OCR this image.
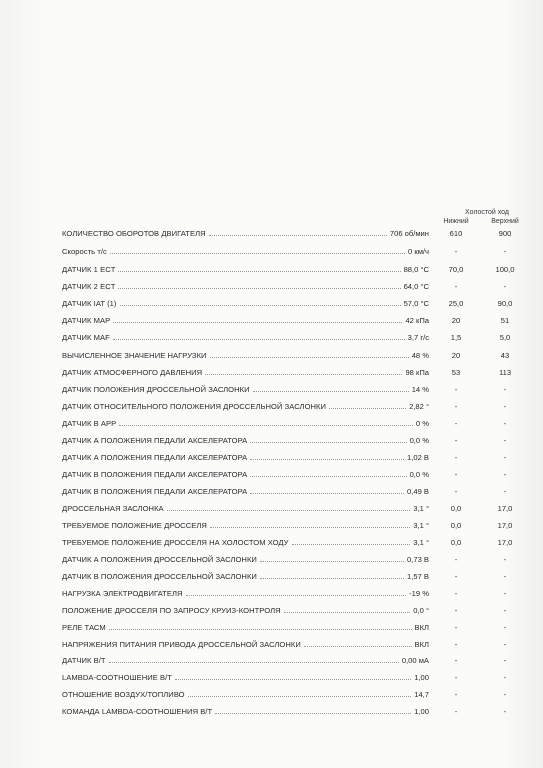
Холостой ход
Нижний	Верхний
КОЛИЧЕСТВО ОБОРОТОВ ДВИГАТЕЛЯ	706 об/мин	610	900
Скорость т/с	0 км/ч	-	-
ДАТЧИК 1 ECT	88,0 °C	70,0	100,0
ДАТЧИК 2 ECT	64,0 °C	-	-
ДАТЧИК IAT (1)	57,0 °C	25,0	90,0
ДАТЧИК МАР	42 кПа	20	51
ДАТЧИК MAF	3,7 г/с	1,5	5,0
ВЫЧИСЛЕННОЕ ЗНАЧЕНИЕ НАГРУЗКИ	48 %	20	43
ДАТЧИК АТМОСФЕРНОГО ДАВЛЕНИЯ	98 кПа	53	113
ДАТЧИК ПОЛОЖЕНИЯ ДРОССЕЛЬНОЙ ЗАСЛОНКИ	14 %	-	-
ДАТЧИК ОТНОСИТЕЛЬНОГО ПОЛОЖЕНИЯ ДРОССЕЛЬНОЙ ЗАСЛОНКИ	2,82 °	-	-
ДАТЧИК В АРР	0 %	-	-
ДАТЧИК А ПОЛОЖЕНИЯ ПЕДАЛИ АКСЕЛЕРАТОРА	0,0 %	-	-
ДАТЧИК А ПОЛОЖЕНИЯ ПЕДАЛИ АКСЕЛЕРАТОРА	1,02 В	-	-
ДАТЧИК В ПОЛОЖЕНИЯ ПЕДАЛИ АКСЕЛЕРАТОРА	0,0 %	-	-
ДАТЧИК В ПОЛОЖЕНИЯ ПЕДАЛИ АКСЕЛЕРАТОРА	0,49 В	-	-
ДРОССЕЛЬНАЯ ЗАСЛОНКА	3,1 °	0,0	17,0
ТРЕБУЕМОЕ ПОЛОЖЕНИЕ ДРОССЕЛЯ	3,1 °	0,0	17,0
ТРЕБУЕМОЕ ПОЛОЖЕНИЕ ДРОССЕЛЯ НА ХОЛОСТОМ ХОДУ	3,1 °	0,0	17,0
ДАТЧИК А ПОЛОЖЕНИЯ ДРОССЕЛЬНОЙ ЗАСЛОНКИ	0,73 В	-	-
ДАТЧИК В ПОЛОЖЕНИЯ ДРОССЕЛЬНОЙ ЗАСЛОНКИ	1,57 В	-	-
НАГРУЗКА ЭЛЕКТРОДВИГАТЕЛЯ	-19 %	-	-
ПОЛОЖЕНИЕ ДРОССЕЛЯ ПО ЗАПРОСУ КРУИЗ-КОНТРОЛЯ	0,0 °	-	-
РЕЛЕ ТАСМ	ВКЛ	-	-
НАПРЯЖЕНИЯ ПИТАНИЯ ПРИВОДА ДРОССЕЛЬНОЙ ЗАСЛОНКИ	ВКЛ	-	-
ДАТЧИК В/Т	0,00 мА	-	-
LAMBDA-СООТНОШЕНИЕ В/Т	1,00	-	-
ОТНОШЕНИЕ ВОЗДУХ/ТОПЛИВО	14,7	-	-
КОМАНДА LAMBDA-СООТНОШЕНИЯ В/Т	1,00	-	-
